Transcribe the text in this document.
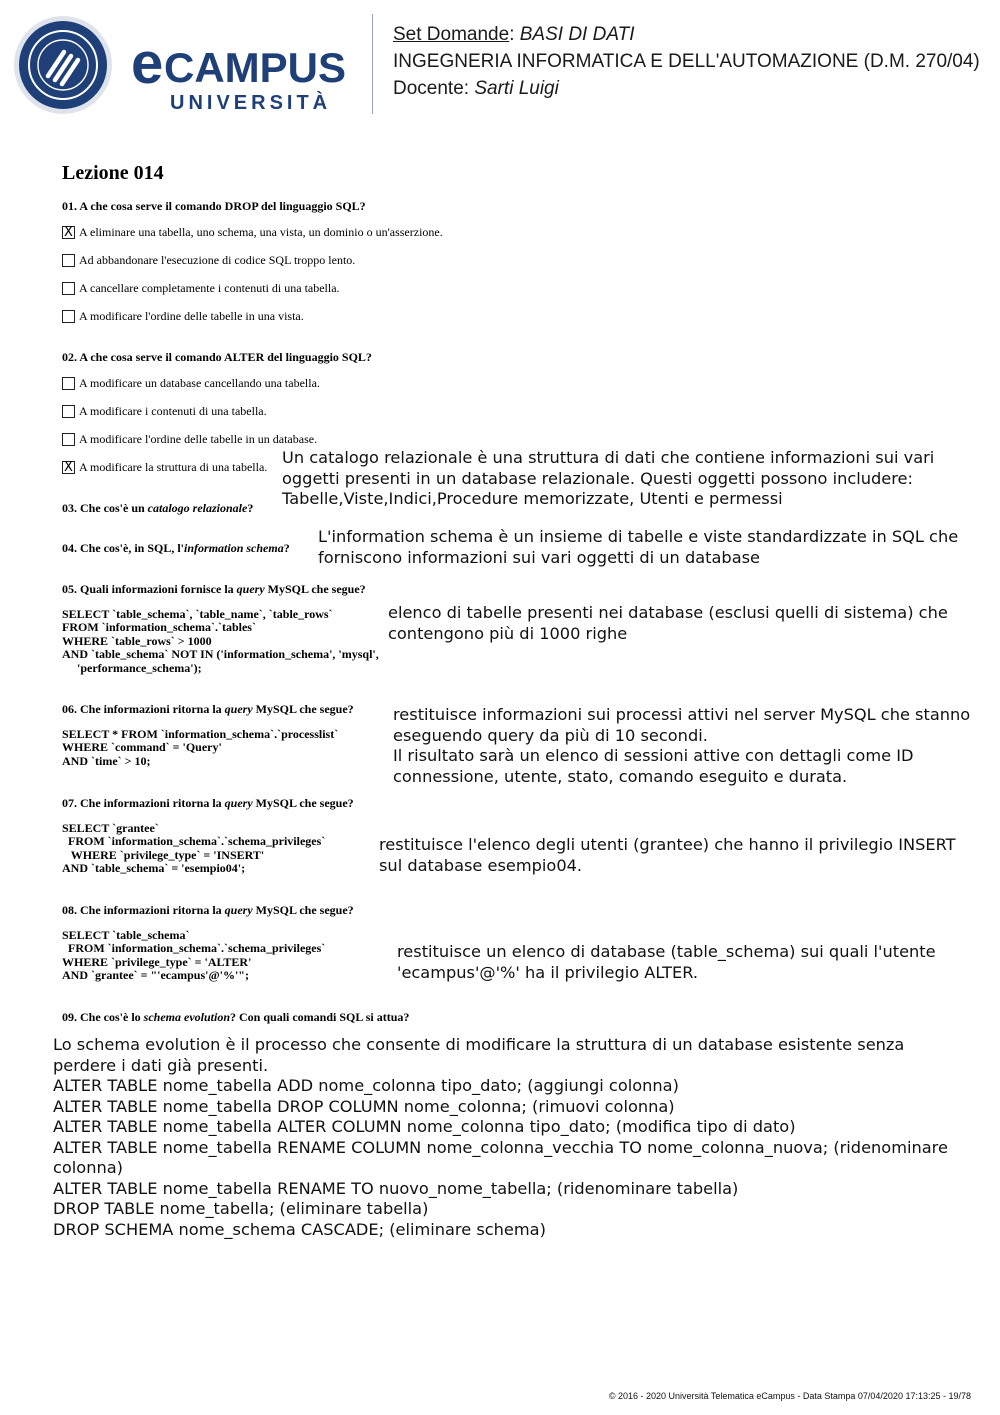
e CAMPUS
UNIVERSITÀ
Set Domande: BASI DI DATI
INGEGNERIA INFORMATICA E DELL'AUTOMAZIONE (D.M. 270/04)
Docente: Sarti Luigi
Lezione 014
01. A che cosa serve il comando DROP del linguaggio SQL?
X A eliminare una tabella, uno schema, una vista, un dominio o un'asserzione.
Ad abbandonare l'esecuzione di codice SQL troppo lento.
A cancellare completamente i contenuti di una tabella.
A modificare l'ordine delle tabelle in una vista.
02. A che cosa serve il comando ALTER del linguaggio SQL?
A modificare un database cancellando una tabella.
A modificare i contenuti di una tabella.
A modificare l'ordine delle tabelle in un database.
X A modificare la struttura di una tabella.
03. Che cos'è un catalogo relazionale?
Un catalogo relazionale è una struttura di dati che contiene informazioni sui vari
oggetti presenti in un database relazionale. Questi oggetti possono includere:
Tabelle,Viste,Indici,Procedure memorizzate, Utenti e permessi
04. Che cos'è, in SQL, l'information schema?
L'information schema è un insieme di tabelle e viste standardizzate in SQL che
forniscono informazioni sui vari oggetti di un database
05. Quali informazioni fornisce la query MySQL che segue?
SELECT `table_schema`, `table_name`, `table_rows`
FROM `information_schema`.`tables`
WHERE `table_rows` > 1000
AND `table_schema` NOT IN ('information_schema', 'mysql',
'performance_schema');
elenco di tabelle presenti nei database (esclusi quelli di sistema) che
contengono più di 1000 righe
06. Che informazioni ritorna la query MySQL che segue?
SELECT * FROM `information_schema`.`processlist`
WHERE `command` = 'Query'
AND `time` > 10;
restituisce informazioni sui processi attivi nel server MySQL che stanno
eseguendo query da più di 10 secondi.
Il risultato sarà un elenco di sessioni attive con dettagli come ID
connessione, utente, stato, comando eseguito e durata.
07. Che informazioni ritorna la query MySQL che segue?
SELECT `grantee`
FROM `information_schema`.`schema_privileges`
WHERE `privilege_type` = 'INSERT'
AND `table_schema` = 'esempio04';
restituisce l'elenco degli utenti (grantee) che hanno il privilegio INSERT
sul database esempio04.
08. Che informazioni ritorna la query MySQL che segue?
SELECT `table_schema`
FROM `information_schema`.`schema_privileges`
WHERE `privilege_type` = 'ALTER'
AND `grantee` = "'ecampus'@'%'";
restituisce un elenco di database (table_schema) sui quali l'utente
'ecampus'@'%' ha il privilegio ALTER.
09. Che cos'è lo schema evolution? Con quali comandi SQL si attua?
Lo schema evolution è il processo che consente di modificare la struttura di un database esistente senza
perdere i dati già presenti.
ALTER TABLE nome_tabella ADD nome_colonna tipo_dato; (aggiungi colonna)
ALTER TABLE nome_tabella DROP COLUMN nome_colonna; (rimuovi colonna)
ALTER TABLE nome_tabella ALTER COLUMN nome_colonna tipo_dato; (modifica tipo di dato)
ALTER TABLE nome_tabella RENAME COLUMN nome_colonna_vecchia TO nome_colonna_nuova; (ridenominare
colonna)
ALTER TABLE nome_tabella RENAME TO nuovo_nome_tabella; (ridenominare tabella)
DROP TABLE nome_tabella; (eliminare tabella)
DROP SCHEMA nome_schema CASCADE; (eliminare schema)
© 2016 - 2020 Università Telematica eCampus - Data Stampa 07/04/2020 17:13:25 - 19/78
